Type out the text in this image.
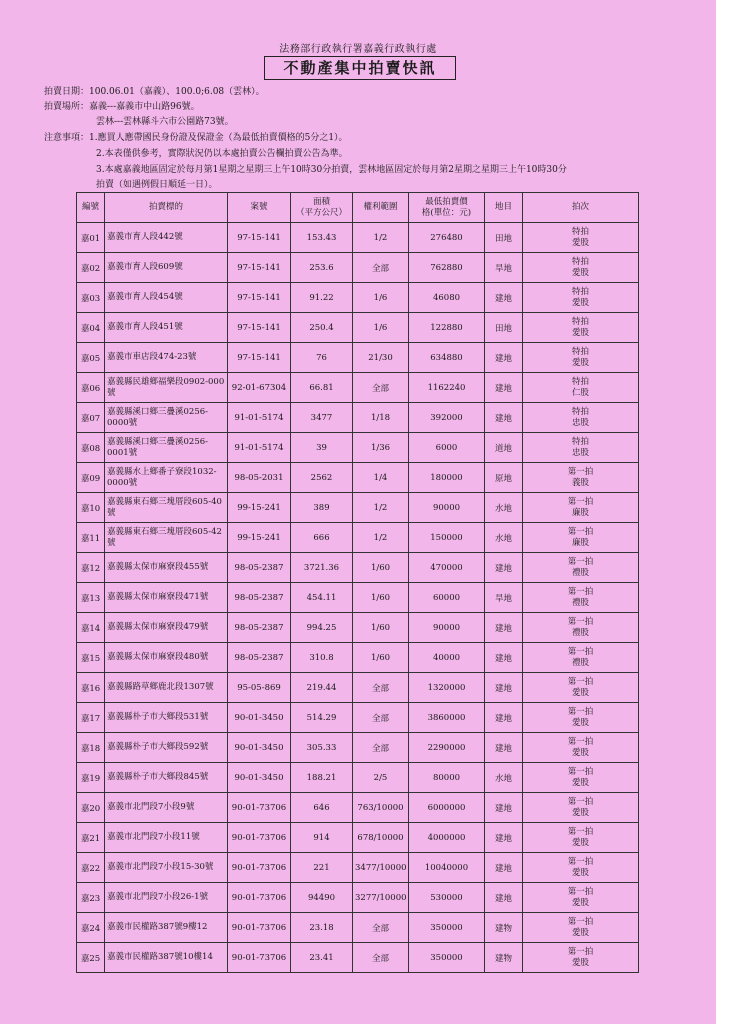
法務部行政執行署嘉義行政執行處
不動產集中拍賣快訊
拍賣日期：100.06.01（嘉義）、100.0;6.08（雲林）。
拍賣場所：嘉義---嘉義市中山路96號。
雲林---雲林縣斗六市公園路73號。
注意事項：1.應買人應帶國民身份證及保證金（為最低拍賣價格的5分之1）。
2.本表僅供參考，實際狀況仍以本處拍賣公告欄拍賣公告為準。
3.本處嘉義地區固定於每月第1星期之星期三上午10時30分拍賣，雲林地區固定於每月第2星期之星期三上午10時30分
拍賣（如遇例假日順延一日）。
編號	拍賣標的	案號	面積
（平方公尺）	權利範圍	最低拍賣價
格(單位：元)	地目	拍次
嘉01	嘉義市育人段442號	97-15-141	153.43	1/2	276480	田地	特拍
愛股
嘉02	嘉義市育人段609號	97-15-141	253.6	全部	762880	旱地	特拍
愛股
嘉03	嘉義市育人段454號	97-15-141	91.22	1/6	46080	建地	特拍
愛股
嘉04	嘉義市育人段451號	97-15-141	250.4	1/6	122880	田地	特拍
愛股
嘉05	嘉義市車店段474-23號	97-15-141	76	21/30	634880	建地	特拍
愛股
嘉06	嘉義縣民雄鄉福樂段0902-000號	92-01-67304	66.81	全部	1162240	建地	特拍
仁股
嘉07	嘉義縣溪口鄉三疊溪0256-0000號	91-01-5174	3477	1/18	392000	建地	特拍
忠股
嘉08	嘉義縣溪口鄉三疊溪0256-0001號	91-01-5174	39	1/36	6000	道地	特拍
忠股
嘉09	嘉義縣水上鄉番子寮段1032-0000號	98-05-2031	2562	1/4	180000	原地	第一拍
義股
嘉10	嘉義縣東石鄉三塊厝段605-40號	99-15-241	389	1/2	90000	水地	第一拍
廉股
嘉11	嘉義縣東石鄉三塊厝段605-42號	99-15-241	666	1/2	150000	水地	第一拍
廉股
嘉12	嘉義縣太保市麻寮段455號	98-05-2387	3721.36	1/60	470000	建地	第一拍
禮股
嘉13	嘉義縣太保市麻寮段471號	98-05-2387	454.11	1/60	60000	旱地	第一拍
禮股
嘉14	嘉義縣太保市麻寮段479號	98-05-2387	994.25	1/60	90000	建地	第一拍
禮股
嘉15	嘉義縣太保市麻寮段480號	98-05-2387	310.8	1/60	40000	建地	第一拍
禮股
嘉16	嘉義縣路草鄉鹿北段1307號	95-05-869	219.44	全部	1320000	建地	第一拍
愛股
嘉17	嘉義縣朴子市大鄉段531號	90-01-3450	514.29	全部	3860000	建地	第一拍
愛股
嘉18	嘉義縣朴子市大鄉段592號	90-01-3450	305.33	全部	2290000	建地	第一拍
愛股
嘉19	嘉義縣朴子市大鄉段845號	90-01-3450	188.21	2/5	80000	水地	第一拍
愛股
嘉20	嘉義市北門段7小段9號	90-01-73706	646	763/10000	6000000	建地	第一拍
愛股
嘉21	嘉義市北門段7小段11號	90-01-73706	914	678/10000	4000000	建地	第一拍
愛股
嘉22	嘉義市北門段7小段15-30號	90-01-73706	221	3477/10000	10040000	建地	第一拍
愛股
嘉23	嘉義市北門段7小段26-1號	90-01-73706	94490	3277/10000	530000	建地	第一拍
愛股
嘉24	嘉義市民權路387號9樓12	90-01-73706	23.18	全部	350000	建物	第一拍
愛股
嘉25	嘉義市民權路387號10樓14	90-01-73706	23.41	全部	350000	建物	第一拍
愛股
